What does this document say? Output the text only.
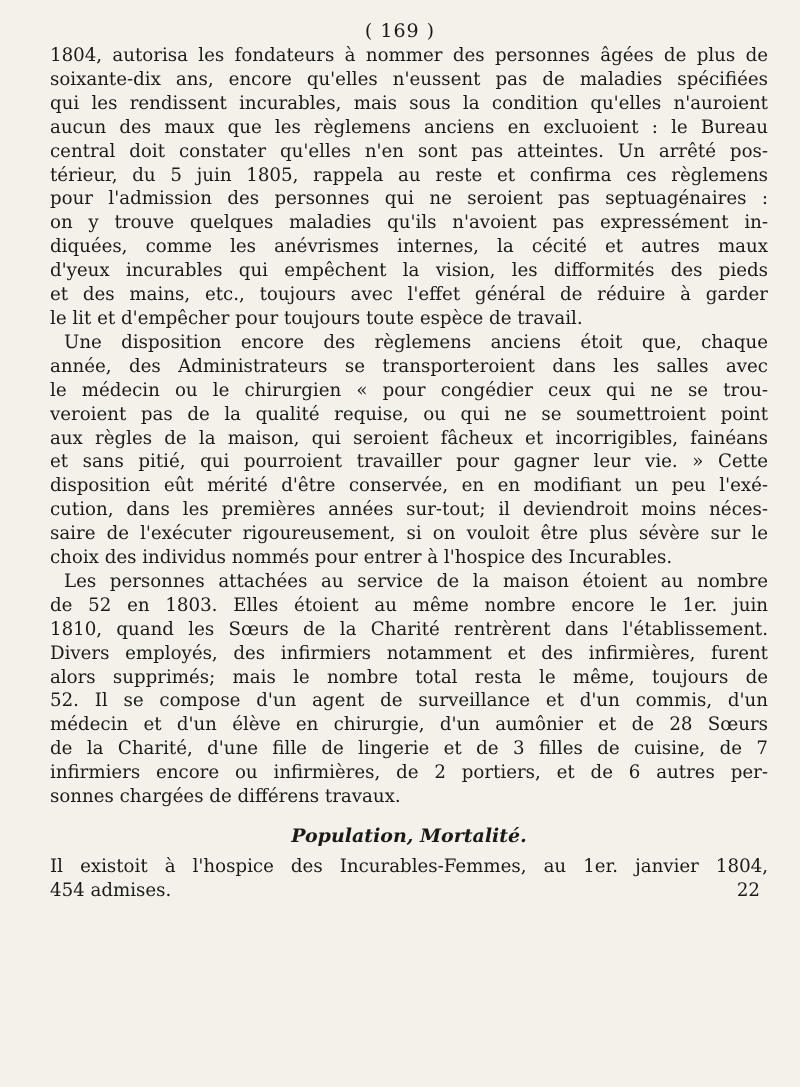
( 169 )
1804, autorisa les fondateurs à nommer des personnes âgées de plus de
soixante-dix ans, encore qu'elles n'eussent pas de maladies spécifiées
qui les rendissent incurables, mais sous la condition qu'elles n'auroient
aucun des maux que les règlemens anciens en excluoient : le Bureau
central doit constater qu'elles n'en sont pas atteintes. Un arrêté pos-
térieur, du 5 juin 1805, rappela au reste et confirma ces règlemens
pour l'admission des personnes qui ne seroient pas septuagénaires :
on y trouve quelques maladies qu'ils n'avoient pas expressément in-
diquées, comme les anévrismes internes, la cécité et autres maux
d'yeux incurables qui empêchent la vision, les difformités des pieds
et des mains, etc., toujours avec l'effet général de réduire à garder
le lit et d'empêcher pour toujours toute espèce de travail.
Une disposition encore des règlemens anciens étoit que, chaque
année, des Administrateurs se transporteroient dans les salles avec
le médecin ou le chirurgien « pour congédier ceux qui ne se trou-
veroient pas de la qualité requise, ou qui ne se soumettroient point
aux règles de la maison, qui seroient fâcheux et incorrigibles, fainéans
et sans pitié, qui pourroient travailler pour gagner leur vie. » Cette
disposition eût mérité d'être conservée, en en modifiant un peu l'exé-
cution, dans les premières années sur-tout; il deviendroit moins néces-
saire de l'exécuter rigoureusement, si on vouloit être plus sévère sur le
choix des individus nommés pour entrer à l'hospice des Incurables.
Les personnes attachées au service de la maison étoient au nombre
de 52 en 1803. Elles étoient au même nombre encore le 1er. juin
1810, quand les Sœurs de la Charité rentrèrent dans l'établissement.
Divers employés, des infirmiers notamment et des infirmières, furent
alors supprimés; mais le nombre total resta le même, toujours de
52. Il se compose d'un agent de surveillance et d'un commis, d'un
médecin et d'un élève en chirurgie, d'un aumônier et de 28 Sœurs
de la Charité, d'une fille de lingerie et de 3 filles de cuisine, de 7
infirmiers encore ou infirmières, de 2 portiers, et de 6 autres per-
sonnes chargées de différens travaux.
Population, Mortalité.
Il existoit à l'hospice des Incurables-Femmes, au 1er. janvier 1804,
454 admises.	22
